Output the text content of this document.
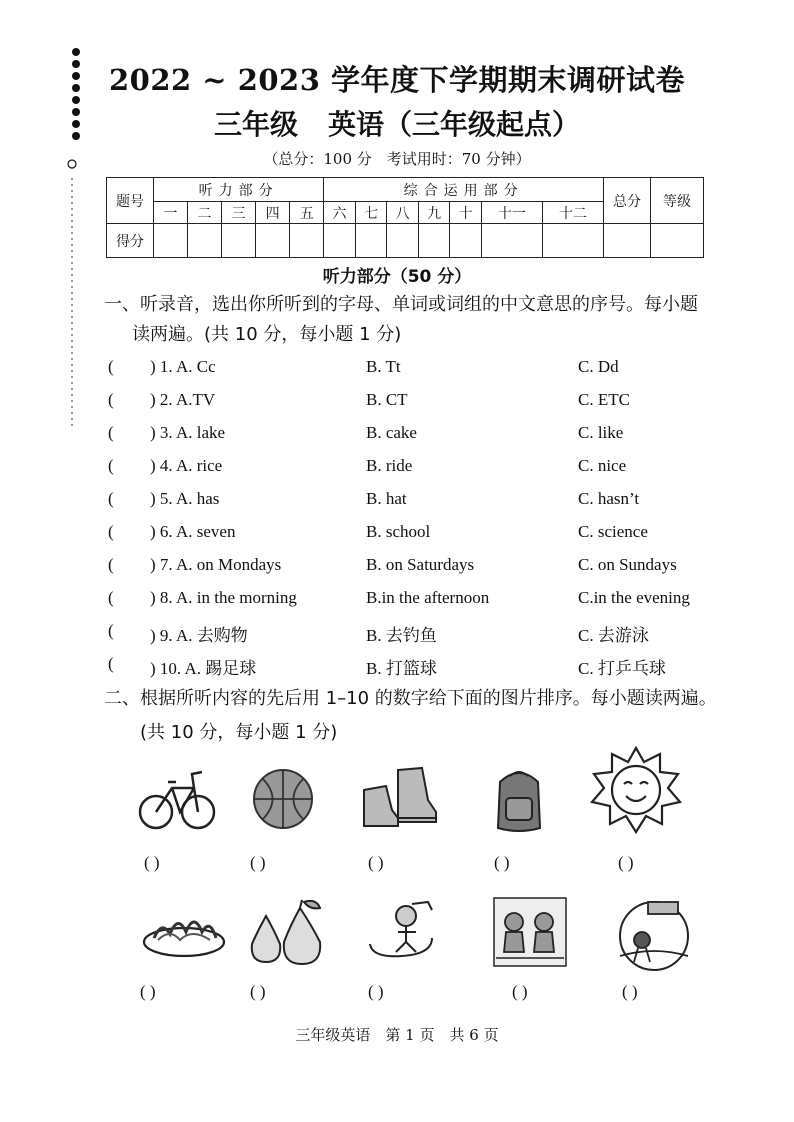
2022 ~ 2023 学年度下学期期末调研试卷
三年级 英语（三年级起点）
（总分：100 分　考试用时：70 分钟）
题号	听力部分					综合运用部分							总分	等级
	一	二	三	四	五	六	七	八	九	十	十一	十二		
得分														
听力部分（50 分）
一、听录音，选出你所听到的字母、单词或词组的中文意思的序号。每小题
读两遍。(共 10 分，每小题 1 分)
( ) 1. A. Cc	B. Tt	C. Dd
( ) 2. A.TV	B. CT	C. ETC
( ) 3. A. lake	B. cake	C. like
( ) 4. A. rice	B. ride	C. nice
( ) 5. A. has	B. hat	C. hasn’t
( ) 6. A. seven	B. school	C. science
( ) 7. A. on Mondays	B. on Saturdays	C. on Sundays
( ) 8. A. in the morning	B.in the afternoon	C.in the evening
( ) 9. A. 去购物	B. 去钓鱼	C. 去游泳
( ) 10. A. 踢足球	B. 打篮球	C. 打乒乓球
二、根据所听内容的先后用 1–10 的数字给下面的图片排序。每小题读两遍。
(共 10 分，每小题 1 分)
( )	( )	( )	( )	( )
( )	( )	( )	( )	( )
三年级英语　第 1 页　共 6 页
